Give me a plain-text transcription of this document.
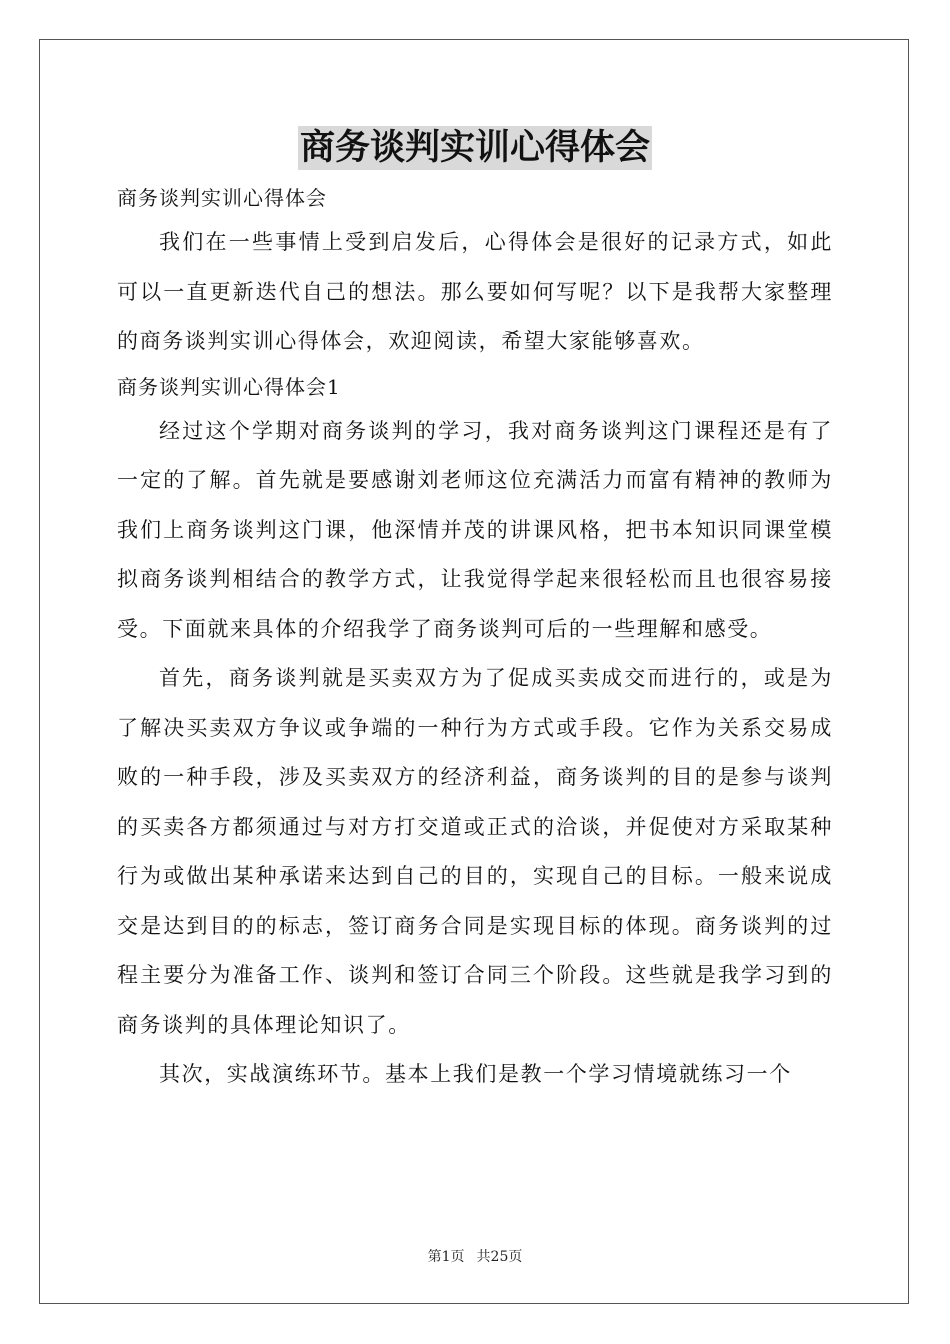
商务谈判实训心得体会

商务谈判实训心得体会

我们在一些事情上受到启发后，心得体会是很好的记录方式，如此可以一直更新迭代自己的想法。那么要如何写呢？以下是我帮大家整理的商务谈判实训心得体会，欢迎阅读，希望大家能够喜欢。

商务谈判实训心得体会1

经过这个学期对商务谈判的学习，我对商务谈判这门课程还是有了一定的了解。首先就是要感谢刘老师这位充满活力而富有精神的教师为我们上商务谈判这门课，他深情并茂的讲课风格，把书本知识同课堂模拟商务谈判相结合的教学方式，让我觉得学起来很轻松而且也很容易接受。下面就来具体的介绍我学了商务谈判可后的一些理解和感受。

首先，商务谈判就是买卖双方为了促成买卖成交而进行的，或是为了解决买卖双方争议或争端的一种行为方式或手段。它作为关系交易成败的一种手段，涉及买卖双方的经济利益，商务谈判的目的是参与谈判的买卖各方都须通过与对方打交道或正式的洽谈，并促使对方采取某种行为或做出某种承诺来达到自己的目的，实现自己的目标。一般来说成交是达到目的的标志，签订商务合同是实现目标的体现。商务谈判的过程主要分为准备工作、谈判和签订合同三个阶段。这些就是我学习到的商务谈判的具体理论知识了。

其次，实战演练环节。基本上我们是教一个学习情境就练习一个

第1页 共25页
